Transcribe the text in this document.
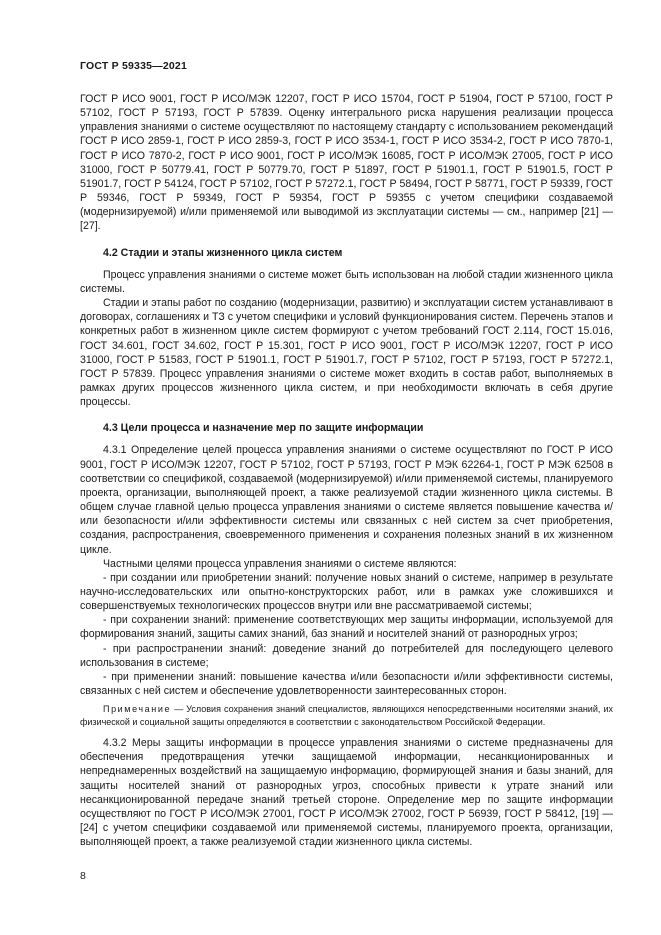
ГОСТ Р 59335—2021

ГОСТ Р ИСО 9001, ГОСТ Р ИСО/МЭК 12207, ГОСТ Р ИСО 15704, ГОСТ Р 51904, ГОСТ Р 57100, ГОСТ Р 57102, ГОСТ Р 57193, ГОСТ Р 57839. Оценку интегрального риска нарушения реализации процесса управления знаниями о системе осуществляют по настоящему стандарту с использованием рекомендаций ГОСТ Р ИСО 2859-1, ГОСТ Р ИСО 2859-3, ГОСТ Р ИСО 3534-1, ГОСТ Р ИСО 3534-2, ГОСТ Р ИСО 7870-1, ГОСТ Р ИСО 7870-2, ГОСТ Р ИСО 9001, ГОСТ Р ИСО/МЭК 16085, ГОСТ Р ИСО/МЭК 27005, ГОСТ Р ИСО 31000, ГОСТ Р 50779.41, ГОСТ Р 50779.70, ГОСТ Р 51897, ГОСТ Р 51901.1, ГОСТ Р 51901.5, ГОСТ Р 51901.7, ГОСТ Р 54124, ГОСТ Р 57102, ГОСТ Р 57272.1, ГОСТ Р 58494, ГОСТ Р 58771, ГОСТ Р 59339, ГОСТ Р 59346, ГОСТ Р 59349, ГОСТ Р 59354, ГОСТ Р 59355 с учетом специфики создаваемой (модернизируемой) и/или применяемой или выводимой из эксплуатации системы — см., например [21] — [27].

4.2 Стадии и этапы жизненного цикла систем

Процесс управления знаниями о системе может быть использован на любой стадии жизненного цикла системы.

Стадии и этапы работ по созданию (модернизации, развитию) и эксплуатации систем устанавливают в договорах, соглашениях и ТЗ с учетом специфики и условий функционирования систем. Перечень этапов и конкретных работ в жизненном цикле систем формируют с учетом требований ГОСТ 2.114, ГОСТ 15.016, ГОСТ 34.601, ГОСТ 34.602, ГОСТ Р 15.301, ГОСТ Р ИСО 9001, ГОСТ Р ИСО/МЭК 12207, ГОСТ Р ИСО 31000, ГОСТ Р 51583, ГОСТ Р 51901.1, ГОСТ Р 51901.7, ГОСТ Р 57102, ГОСТ Р 57193, ГОСТ Р 57272.1, ГОСТ Р 57839. Процесс управления знаниями о системе может входить в состав работ, выполняемых в рамках других процессов жизненного цикла систем, и при необходимости включать в себя другие процессы.

4.3 Цели процесса и назначение мер по защите информации

4.3.1 Определение целей процесса управления знаниями о системе осуществляют по ГОСТ Р ИСО 9001, ГОСТ Р ИСО/МЭК 12207, ГОСТ Р 57102, ГОСТ Р 57193, ГОСТ Р МЭК 62264-1, ГОСТ Р МЭК 62508 в соответствии со спецификой, создаваемой (модернизируемой) и/или применяемой системы, планируемого проекта, организации, выполняющей проект, а также реализуемой стадии жизненного цикла системы. В общем случае главной целью процесса управления знаниями о системе является повышение качества и/или безопасности и/или эффективности системы или связанных с ней систем за счет приобретения, создания, распространения, своевременного применения и сохранения полезных знаний в их жизненном цикле.

Частными целями процесса управления знаниями о системе являются:

- при создании или приобретении знаний: получение новых знаний о системе, например в результате научно-исследовательских или опытно-конструкторских работ, или в рамках уже сложившихся и совершенствуемых технологических процессов внутри или вне рассматриваемой системы;

- при сохранении знаний: применение соответствующих мер защиты информации, используемой для формирования знаний, защиты самих знаний, баз знаний и носителей знаний от разнородных угроз;

- при распространении знаний: доведение знаний до потребителей для последующего целевого использования в системе;

- при применении знаний: повышение качества и/или безопасности и/или эффективности системы, связанных с ней систем и обеспечение удовлетворенности заинтересованных сторон.

Примечание — Условия сохранения знаний специалистов, являющихся непосредственными носителями знаний, их физической и социальной защиты определяются в соответствии с законодательством Российской Федерации.

4.3.2 Меры защиты информации в процессе управления знаниями о системе предназначены для обеспечения предотвращения утечки защищаемой информации, несанкционированных и непреднамеренных воздействий на защищаемую информацию, формирующей знания и базы знаний, для защиты носителей знаний от разнородных угроз, способных привести к утрате знаний или несанкционированной передаче знаний третьей стороне. Определение мер по защите информации осуществляют по ГОСТ Р ИСО/МЭК 27001, ГОСТ Р ИСО/МЭК 27002, ГОСТ Р 56939, ГОСТ Р 58412, [19] — [24] с учетом специфики создаваемой или применяемой системы, планируемого проекта, организации, выполняющей проект, а также реализуемой стадии жизненного цикла системы.

8
